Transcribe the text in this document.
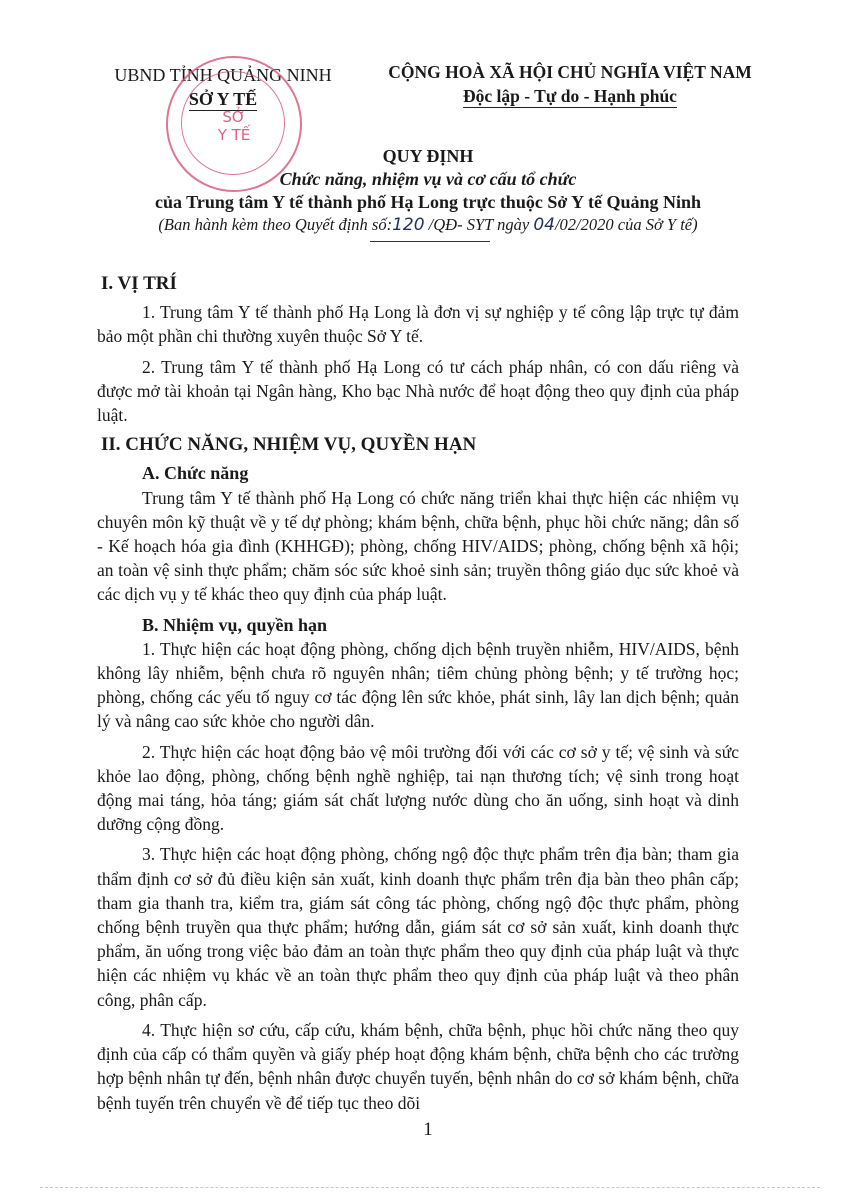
UBND TỈNH QUẢNG NINH
SỞ Y TẾ
SỞ
Y TẾ
CỘNG HOÀ XÃ HỘI CHỦ NGHĨA VIỆT NAM
Độc lập - Tự do - Hạnh phúc
QUY ĐỊNH
Chức năng, nhiệm vụ và cơ cấu tổ chức
của Trung tâm Y tế thành phố Hạ Long trực thuộc Sở Y tế Quảng Ninh
(Ban hành kèm theo Quyết định số:120 /QĐ- SYT ngày 04/02/2020 của Sở Y tế)
I. VỊ TRÍ

1. Trung tâm Y tế thành phố Hạ Long là đơn vị sự nghiệp y tế công lập trực tự đảm bảo một phần chi thường xuyên thuộc Sở Y tế.

2. Trung tâm Y tế thành phố Hạ Long có tư cách pháp nhân, có con dấu riêng và được mở tài khoản tại Ngân hàng, Kho bạc Nhà nước để hoạt động theo quy định của pháp luật.

II. CHỨC NĂNG, NHIỆM VỤ, QUYỀN HẠN
A. Chức năng

Trung tâm Y tế thành phố Hạ Long có chức năng triển khai thực hiện các nhiệm vụ chuyên môn kỹ thuật về y tế dự phòng; khám bệnh, chữa bệnh, phục hồi chức năng; dân số - Kế hoạch hóa gia đình (KHHGĐ); phòng, chống HIV/AIDS; phòng, chống bệnh xã hội; an toàn vệ sinh thực phẩm; chăm sóc sức khoẻ sinh sản; truyền thông giáo dục sức khoẻ và các dịch vụ y tế khác theo quy định của pháp luật.

B. Nhiệm vụ, quyền hạn

1. Thực hiện các hoạt động phòng, chống dịch bệnh truyền nhiễm, HIV/AIDS, bệnh không lây nhiễm, bệnh chưa rõ nguyên nhân; tiêm chủng phòng bệnh; y tế trường học; phòng, chống các yếu tố nguy cơ tác động lên sức khỏe, phát sinh, lây lan dịch bệnh; quản lý và nâng cao sức khỏe cho người dân.

2. Thực hiện các hoạt động bảo vệ môi trường đối với các cơ sở y tế; vệ sinh và sức khỏe lao động, phòng, chống bệnh nghề nghiệp, tai nạn thương tích; vệ sinh trong hoạt động mai táng, hỏa táng; giám sát chất lượng nước dùng cho ăn uống, sinh hoạt và dinh dưỡng cộng đồng.

3. Thực hiện các hoạt động phòng, chống ngộ độc thực phẩm trên địa bàn; tham gia thẩm định cơ sở đủ điều kiện sản xuất, kinh doanh thực phẩm trên địa bàn theo phân cấp; tham gia thanh tra, kiểm tra, giám sát công tác phòng, chống ngộ độc thực phẩm, phòng chống bệnh truyền qua thực phẩm; hướng dẫn, giám sát cơ sở sản xuất, kinh doanh thực phẩm, ăn uống trong việc bảo đảm an toàn thực phẩm theo quy định của pháp luật và thực hiện các nhiệm vụ khác về an toàn thực phẩm theo quy định của pháp luật và theo phân công, phân cấp.

4. Thực hiện sơ cứu, cấp cứu, khám bệnh, chữa bệnh, phục hồi chức năng theo quy định của cấp có thẩm quyền và giấy phép hoạt động khám bệnh, chữa bệnh cho các trường hợp bệnh nhân tự đến, bệnh nhân được chuyển tuyến, bệnh nhân do cơ sở khám bệnh, chữa bệnh tuyến trên chuyển về để tiếp tục theo dõi

1
